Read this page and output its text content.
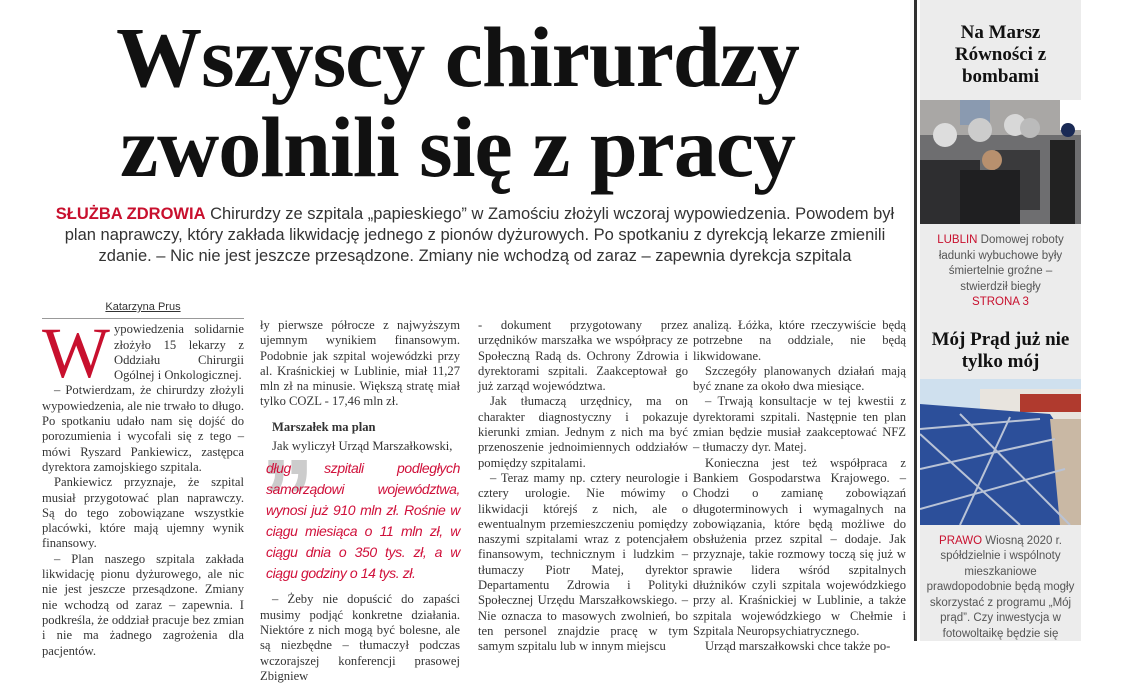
Wszyscy chirurdzy
zwolnili się z pracy
SŁUŻBA ZDROWIA Chirurdzy ze szpitala „papieskiego” w Zamościu złożyli wczoraj wypowiedzenia. Powodem był plan naprawczy, który zakłada likwidację jednego z pionów dyżurowych. Po spotkaniu z dyrekcją lekarze zmienili zdanie. – Nic nie jest jeszcze przesądzone. Zmiany nie wchodzą od zaraz – zapewnia dyrekcja szpitala
Katarzyna Prus
W ypowiedzenia solidarnie złożyło 15 lekarzy z Oddziału Chirurgii Ogólnej i Onkologicznej.

– Potwierdzam, że chirurdzy złożyli wypowiedzenia, ale nie trwało to długo. Po spotkaniu udało nam się dojść do porozumienia i wycofali się z tego – mówi Ryszard Pankiewicz, zastępca dyrektora zamojskiego szpitala.

Pankiewicz przyznaje, że szpital musiał przygotować plan naprawczy. Są do tego zobowiązane wszystkie placówki, które mają ujemny wynik finansowy.

– Plan naszego szpitala zakłada likwidację pionu dyżurowego, ale nic nie jest jeszcze przesądzone. Zmiany nie wchodzą od zaraz – zapewnia. I podkreśla, że oddział pracuje bez zmian i nie ma żadnego zagrożenia dla pacjentów.

ły pierwsze półrocze z najwyższym ujemnym wynikiem finansowym. Podobnie jak szpital wojewódzki przy al. Kraśnickiej w Lublinie, miał 11,27 mln zł na minusie. Większą stratę miał tylko COZL - 17,46 mln zł.

Marszałek ma plan

Jak wyliczył Urząd Marszałkowski,

”
dług szpitali podległych samorządowi województwa, wynosi już 910 mln zł. Rośnie w ciągu miesiąca o 11 mln zł, w ciągu dnia o 350 tys. zł, a w ciągu godziny o 14 tys. zł.

– Żeby nie dopuścić do zapaści musimy podjąć konkretne działania. Niektóre z nich mogą być bolesne, ale są niezbędne – tłumaczył podczas wczorajszej konferencji prasowej Zbigniew

- dokument przygotowany przez urzędników marszałka we współpracy ze Społeczną Radą ds. Ochrony Zdrowia i dyrektorami szpitali. Zaakceptował go już zarząd województwa.

Jak tłumaczą urzędnicy, ma on charakter diagnostyczny i pokazuje kierunki zmian. Jednym z nich ma być przenoszenie jednoimiennych oddziałów pomiędzy szpitalami.

– Teraz mamy np. cztery neurologie i cztery urologie. Nie mówimy o likwidacji którejś z nich, ale o ewentualnym przemieszczeniu pomiędzy naszymi szpitalami wraz z potencjałem finansowym, technicznym i ludzkim – tłumaczy Piotr Matej, dyrektor Departamentu Zdrowia i Polityki Społecznej Urzędu Marszałkowskiego. – Nie oznacza to masowych zwolnień, bo ten personel znajdzie pracę w tym samym szpitalu lub w innym miejscu

analizą. Łóżka, które rzeczywiście będą potrzebne na oddziale, nie będą likwidowane.

Szczegóły planowanych działań mają być znane za około dwa miesiące.

– Trwają konsultacje w tej kwestii z dyrektorami szpitali. Następnie ten plan zmian będzie musiał zaakceptować NFZ – tłumaczy dyr. Matej.

Konieczna jest też współpraca z Bankiem Gospodarstwa Krajowego. – Chodzi o zamianę zobowiązań długoterminowych i wymagalnych na zobowiązania, które będą możliwe do obsłużenia przez szpital – dodaje. Jak przyznaje, takie rozmowy toczą się już w sprawie lidera wśród szpitalnych dłużników czyli szpitala wojewódzkiego przy al. Kraśnickiej w Lublinie, a także szpitala wojewódzkiego w Chełmie i Szpitala Neuropsychiatrycznego.

Urząd marszałkowski chce także po-

Na Marsz Równości z bombami
LUBLIN Domowej roboty ładunki wybuchowe były śmiertelnie groźne – stwierdził biegły
STRONA 3
Mój Prąd już nie tylko mój
PRAWO Wiosną 2020 r. spółdzielnie i wspólnoty mieszkaniowe prawdopodobnie będą mogły skorzystać z programu „Mój prąd”. Czy inwestycja w fotowoltaikę będzie się
